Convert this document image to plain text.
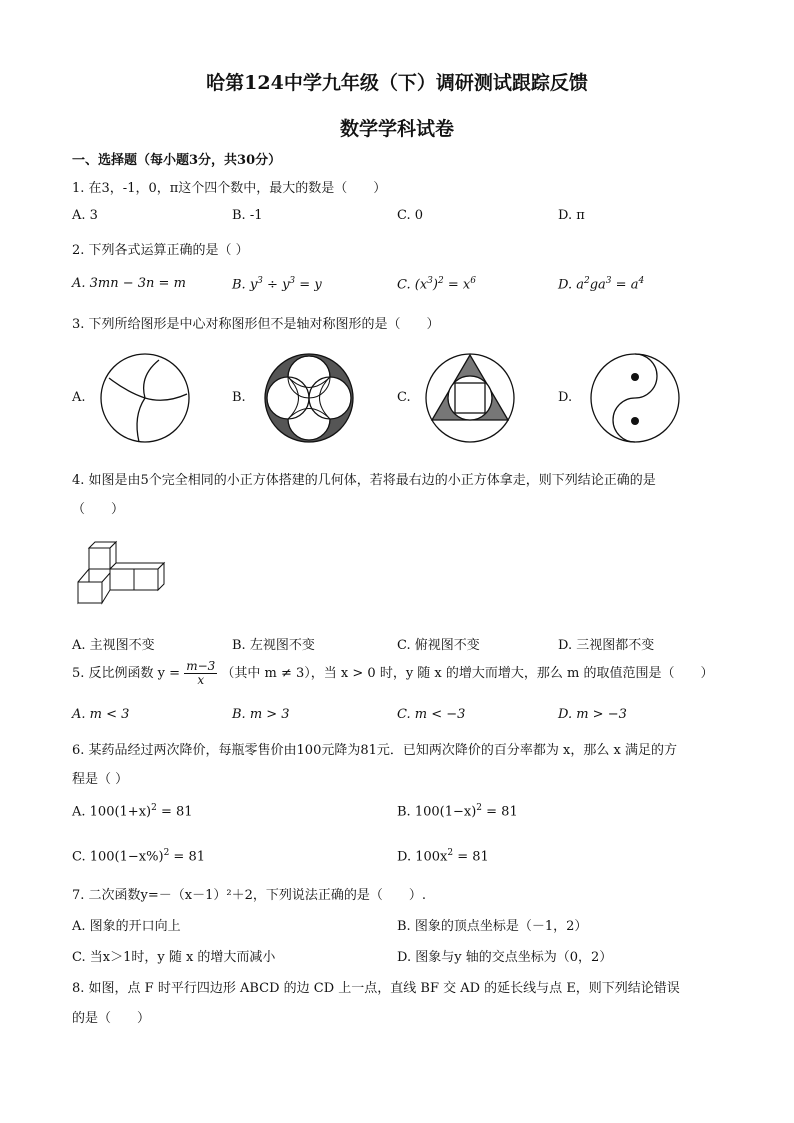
哈第124中学九年级（下）调研测试跟踪反馈
数学学科试卷
一、选择题（每小题3分，共30分）
1. 在3，-1，0，π这个四个数中，最大的数是（　　）
A. 3	B. -1	C. 0	D. π
2. 下列各式运算正确的是（ ）
A. 3mn − 3n = m	B. $y^3 \div y^3 = y$	C. $(x^3)^2 = x^6$	D. $a^2ga^3 = a^4$
3. 下列所给图形是中心对称图形但不是轴对称图形的是（　　）
A.	B.	C.	D.
4. 如图是由5个完全相同的小正方体搭建的几何体，若将最右边的小正方体拿走，则下列结论正确的是
（　　）
A. 主视图不变	B. 左视图不变	C. 俯视图不变	D. 三视图都不变
5. 反比例函数 $y = \frac{m-3}{x}$ （其中 m ≠ 3），当 x > 0 时，y 随 x 的增大而增大，那么 m 的取值范围是（　　）
A. m < 3	B. m > 3	C. m < −3	D. m > −3
6. 某药品经过两次降价，每瓶零售价由100元降为81元．已知两次降价的百分率都为 x，那么 x 满足的方
程是（ ）
A. $100(1+x)^2 = 81$	B. $100(1-x)^2 = 81$
C. $100(1-x\%)^2 = 81$	D. $100x^2 = 81$
7. 二次函数y=－（x－1）²＋2，下列说法正确的是（　　）.
A. 图象的开口向上	B. 图象的顶点坐标是（－1，2）
C. 当x＞1时，y 随 x 的增大而减小	D. 图象与y 轴的交点坐标为（0，2）
8. 如图，点 F 时平行四边形 ABCD 的边 CD 上一点，直线 BF 交 AD 的延长线与点 E，则下列结论错误
的是（　　）
